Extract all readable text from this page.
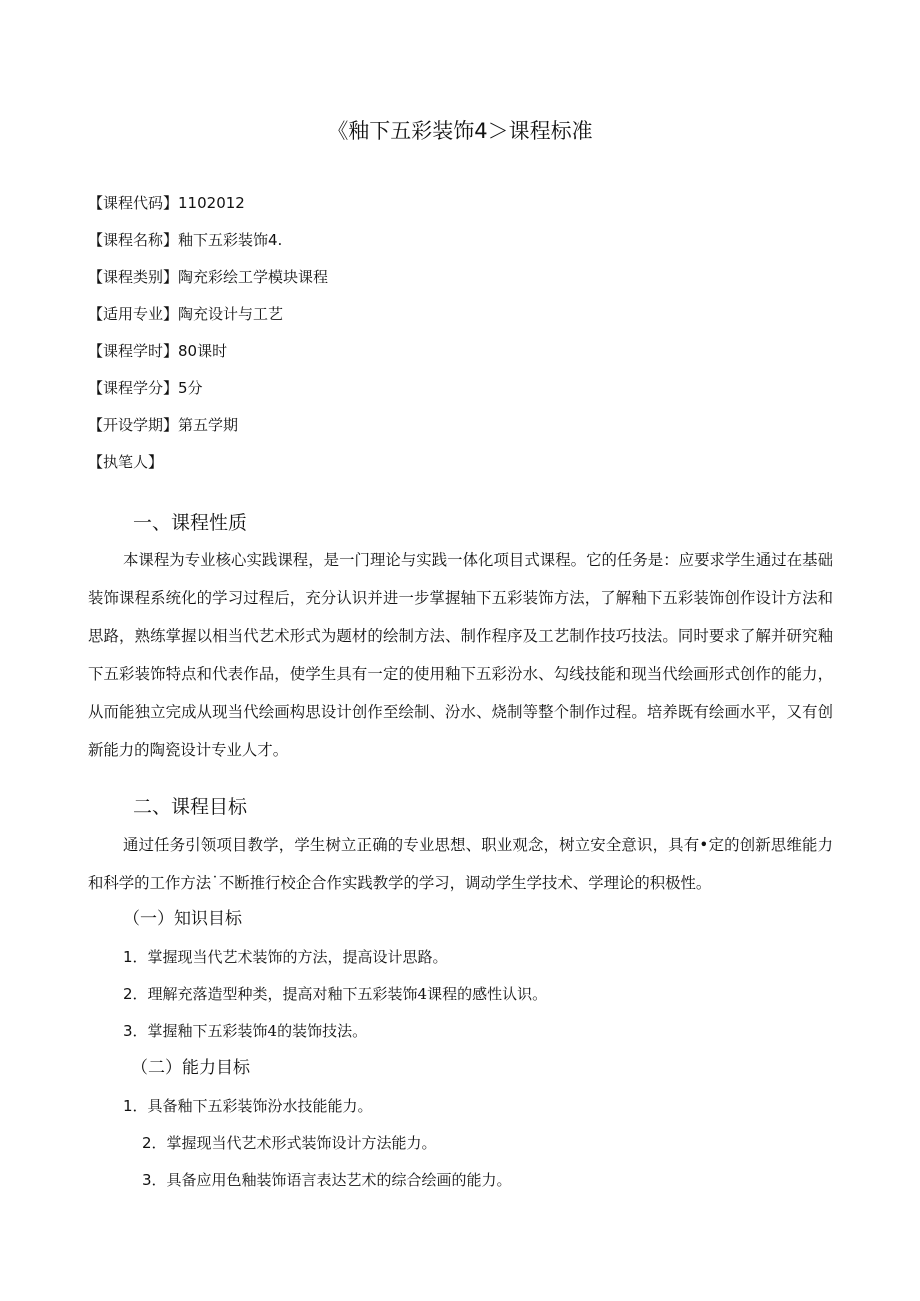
《釉下五彩装饰4＞课程标准
【课程代码】1102012
【课程名称】釉下五彩装饰4.
【课程类别】陶充彩绘工学模块课程
【适用专业】陶充设计与工艺
【课程学时】80课时
【课程学分】5分
【开设学期】第五学期
【执笔人】
一、课程性质
本课程为专业核心实践课程，是一门理论与实践一体化项目式课程。它的任务是：应要求学生通过在基础装饰课程系统化的学习过程后，充分认识并进一步掌握轴下五彩装饰方法，了解釉下五彩装饰创作设计方法和思路，熟练掌握以相当代艺术形式为题材的绘制方法、制作程序及工艺制作技巧技法。同时要求了解并研究釉下五彩装饰特点和代表作品，使学生具有一定的使用釉下五彩汾水、勾线技能和现当代绘画形式创作的能力，从而能独立完成从现当代绘画构思设计创作至绘制、汾水、烧制等整个制作过程。培养既有绘画水平，又有创新能力的陶瓷设计专业人才。
二、课程目标
通过任务引领项目教学，学生树立正确的专业思想、职业观念，树立安全意识，具有•定的创新思维能力和科学的工作方法˙不断推行校企合作实践教学的学习，调动学生学技术、学理论的积极性。
（一）知识目标
1．掌握现当代艺术装饰的方法，提高设计思路。
2．理解充落造型种类，提高对釉下五彩装饰4课程的感性认识。
3．掌握釉下五彩装饰4的装饰技法。
（二）能力目标
1．具备釉下五彩装饰汾水技能能力。
2．掌握现当代艺术形式装饰设计方法能力。
3．具备应用色釉装饰语言表达艺术的综合绘画的能力。
